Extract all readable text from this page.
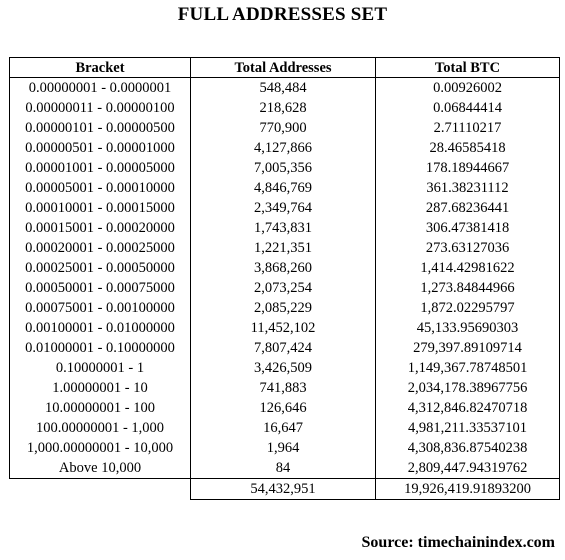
FULL ADDRESSES SET
Bracket	Total Addresses	Total BTC
0.00000001 - 0.0000001	548,484	0.00926002
0.00000011 - 0.00000100	218,628	0.06844414
0.00000101 - 0.00000500	770,900	2.71110217
0.00000501 - 0.00001000	4,127,866	28.46585418
0.00001001 - 0.00005000	7,005,356	178.18944667
0.00005001 - 0.00010000	4,846,769	361.38231112
0.00010001 - 0.00015000	2,349,764	287.68236441
0.00015001 - 0.00020000	1,743,831	306.47381418
0.00020001 - 0.00025000	1,221,351	273.63127036
0.00025001 - 0.00050000	3,868,260	1,414.42981622
0.00050001 - 0.00075000	2,073,254	1,273.84844966
0.00075001 - 0.00100000	2,085,229	1,872.02295797
0.00100001 - 0.01000000	11,452,102	45,133.95690303
0.01000001 - 0.10000000	7,807,424	279,397.89109714
0.10000001 - 1	3,426,509	1,149,367.78748501
1.00000001 - 10	741,883	2,034,178.38967756
10.00000001 - 100	126,646	4,312,846.82470718
100.00000001 - 1,000	16,647	4,981,211.33537101
1,000.00000001 - 10,000	1,964	4,308,836.87540238
Above 10,000	84	2,809,447.94319762
	54,432,951	19,926,419.91893200
Source: timechainindex.com
